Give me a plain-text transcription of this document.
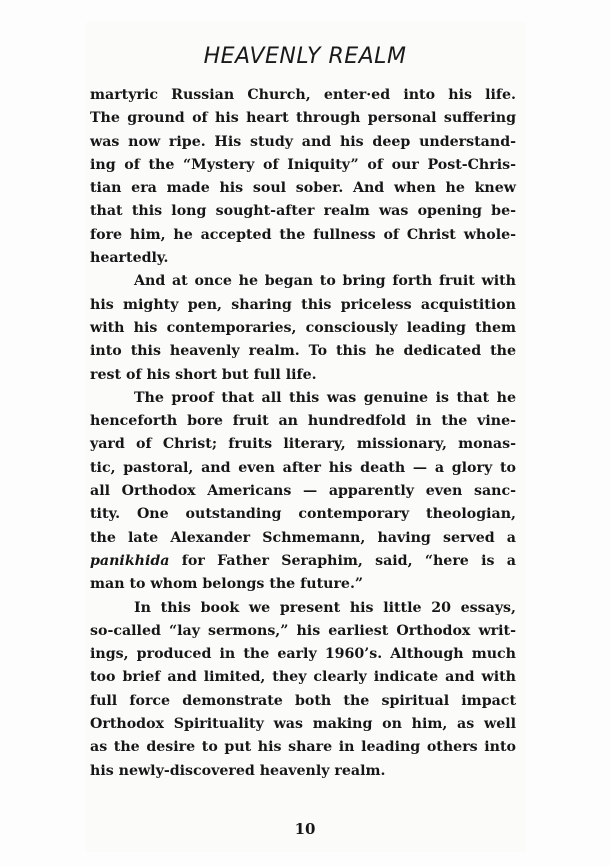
HEAVENLY REALM

martyric Russian Church, enter·ed into his life.
The ground of his heart through personal suffering
was now ripe. His study and his deep understand-
ing of the “Mystery of Iniquity” of our Post-Chris-
tian era made his soul sober. And when he knew
that this long sought-after realm was opening be-
fore him, he accepted the fullness of Christ whole-
heartedly.

And at once he began to bring forth fruit with
his mighty pen, sharing this priceless acquistition
with his contemporaries, consciously leading them
into this heavenly realm. To this he dedicated the
rest of his short but full life.

The proof that all this was genuine is that he
henceforth bore fruit an hundredfold in the vine-
yard of Christ; fruits literary, missionary, monas-
tic, pastoral, and even after his death — a glory to
all Orthodox Americans — apparently even sanc-
tity. One outstanding contemporary theologian,
the late Alexander Schmemann, having served a
panikhida for Father Seraphim, said, “here is a
man to whom belongs the future.”

In this book we present his little 20 essays,
so-called “lay sermons,” his earliest Orthodox writ-
ings, produced in the early 1960’s. Although much
too brief and limited, they clearly indicate and with
full force demonstrate both the spiritual impact
Orthodox Spirituality was making on him, as well
as the desire to put his share in leading others into
his newly-discovered heavenly realm.

10
